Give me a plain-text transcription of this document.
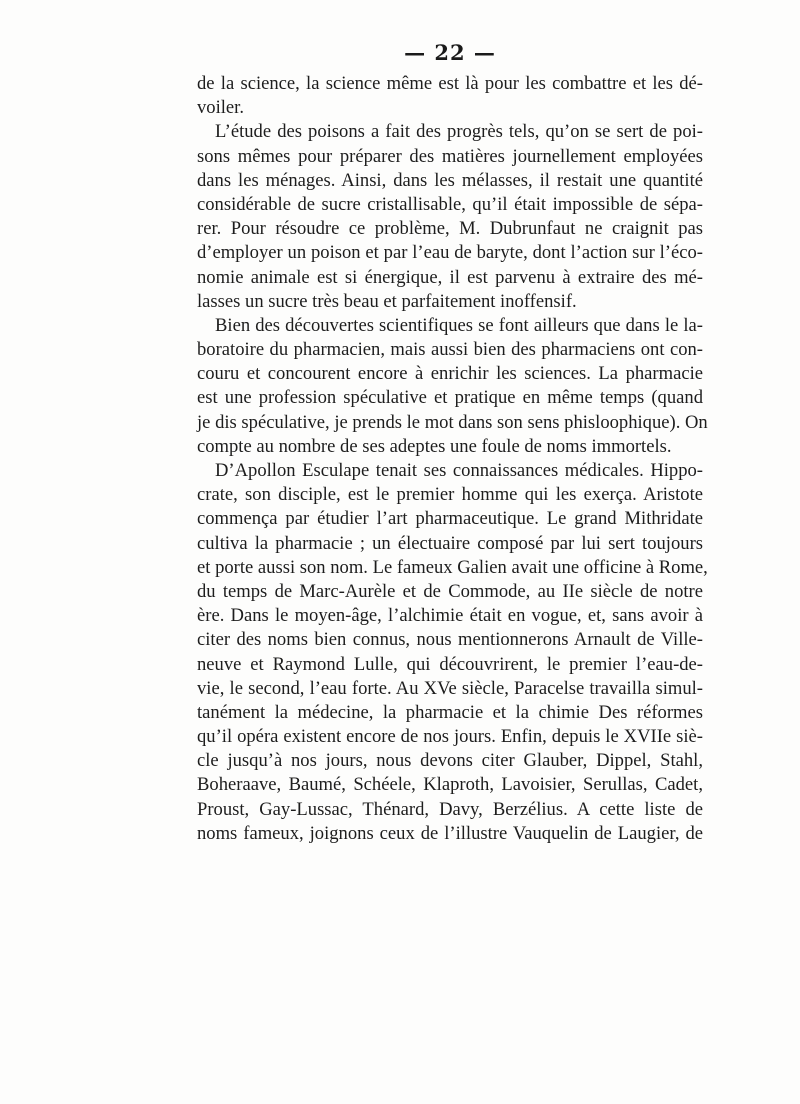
— 22 —
de la science, la science même est là pour les combattre et les dé-
voiler.
L’étude des poisons a fait des progrès tels, qu’on se sert de poi-
sons mêmes pour préparer des matières journellement employées
dans les ménages. Ainsi, dans les mélasses, il restait une quantité
considérable de sucre cristallisable, qu’il était impossible de sépa-
rer. Pour résoudre ce problème, M. Dubrunfaut ne craignit pas
d’employer un poison et par l’eau de baryte, dont l’action sur l’éco-
nomie animale est si énergique, il est parvenu à extraire des mé-
lasses un sucre très beau et parfaitement inoffensif.
Bien des découvertes scientifiques se font ailleurs que dans le la-
boratoire du pharmacien, mais aussi bien des pharmaciens ont con-
couru et concourent encore à enrichir les sciences. La pharmacie
est une profession spéculative et pratique en même temps (quand
je dis spéculative, je prends le mot dans son sens phisloophique). On
compte au nombre de ses adeptes une foule de noms immortels.
D’Apollon Esculape tenait ses connaissances médicales. Hippo-
crate, son disciple, est le premier homme qui les exerça. Aristote
commença par étudier l’art pharmaceutique. Le grand Mithridate
cultiva la pharmacie ; un électuaire composé par lui sert toujours
et porte aussi son nom. Le fameux Galien avait une officine à Rome,
du temps de Marc-Aurèle et de Commode, au IIe siècle de notre
ère. Dans le moyen-âge, l’alchimie était en vogue, et, sans avoir à
citer des noms bien connus, nous mentionnerons Arnault de Ville-
neuve et Raymond Lulle, qui découvrirent, le premier l’eau-de-
vie, le second, l’eau forte. Au XVe siècle, Paracelse travailla simul-
tanément la médecine, la pharmacie et la chimie Des réformes
qu’il opéra existent encore de nos jours. Enfin, depuis le XVIIe siè-
cle jusqu’à nos jours, nous devons citer Glauber, Dippel, Stahl,
Boheraave, Baumé, Schéele, Klaproth, Lavoisier, Serullas, Cadet,
Proust, Gay-Lussac, Thénard, Davy, Berzélius. A cette liste de
noms fameux, joignons ceux de l’illustre Vauquelin de Laugier, de
